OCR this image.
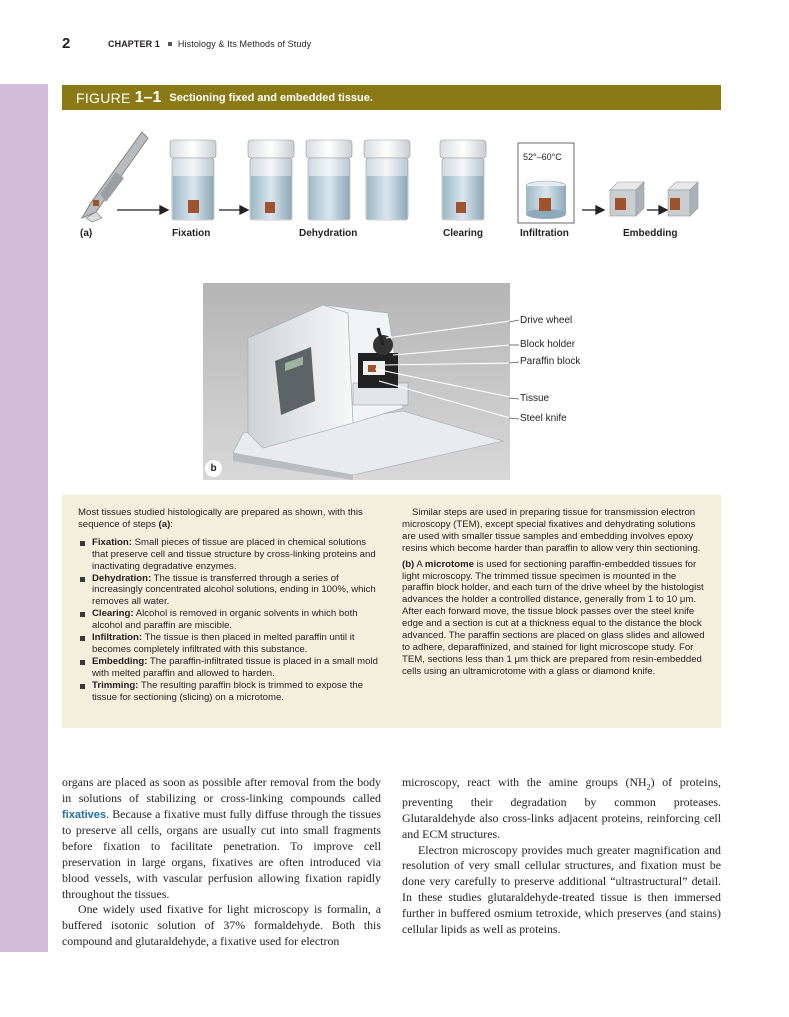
2	CHAPTER 1 Histology & Its Methods of Study
FIGURE 1–1 Sectioning fixed and embedded tissue.
52°–60°C
(a)	Fixation	Dehydration	Clearing	Infiltration	Embedding
b
Drive wheel
Block holder
Paraffin block
Tissue
Steel knife

Most tissues studied histologically are prepared as shown, with this sequence of steps (a):

Fixation: Small pieces of tissue are placed in chemical solutions that preserve cell and tissue structure by cross-linking proteins and inactivating degradative enzymes.
Dehydration: The tissue is transferred through a series of increasingly concentrated alcohol solutions, ending in 100%, which removes all water.
Clearing: Alcohol is removed in organic solvents in which both alcohol and paraffin are miscible.
Infiltration: The tissue is then placed in melted paraffin until it becomes completely infiltrated with this substance.
Embedding: The paraffin-infiltrated tissue is placed in a small mold with melted paraffin and allowed to harden.
Trimming: The resulting paraffin block is trimmed to expose the tissue for sectioning (slicing) on a microtome.

Similar steps are used in preparing tissue for transmission electron microscopy (TEM), except special fixatives and dehydrating solutions are used with smaller tissue samples and embedding involves epoxy resins which become harder than paraffin to allow very thin sectioning.

(b) A microtome is used for sectioning paraffin-embedded tissues for light microscopy. The trimmed tissue specimen is mounted in the paraffin block holder, and each turn of the drive wheel by the histologist advances the holder a controlled distance, generally from 1 to 10 μm. After each forward move, the tissue block passes over the steel knife edge and a section is cut at a thickness equal to the distance the block advanced. The paraffin sections are placed on glass slides and allowed to adhere, deparaffinized, and stained for light microscope study. For TEM, sections less than 1 μm thick are prepared from resin-embedded cells using an ultramicrotome with a glass or diamond knife.

organs are placed as soon as possible after removal from the body in solutions of stabilizing or cross-linking compounds called fixatives. Because a fixative must fully diffuse through the tissues to preserve all cells, organs are usually cut into small fragments before fixation to facilitate penetration. To improve cell preservation in large organs, fixatives are often introduced via blood vessels, with vascular perfusion allowing fixation rapidly throughout the tissues.

One widely used fixative for light microscopy is formalin, a buffered isotonic solution of 37% formaldehyde. Both this compound and glutaraldehyde, a fixative used for electron

microscopy, react with the amine groups $(NH_2)$ of proteins, preventing their degradation by common proteases. Glutaraldehyde also cross-links adjacent proteins, reinforcing cell and ECM structures.

Electron microscopy provides much greater magnification and resolution of very small cellular structures, and fixation must be done very carefully to preserve additional “ultrastructural” detail. In these studies glutaraldehyde-treated tissue is then immersed further in buffered osmium tetroxide, which preserves (and stains) cellular lipids as well as proteins.
